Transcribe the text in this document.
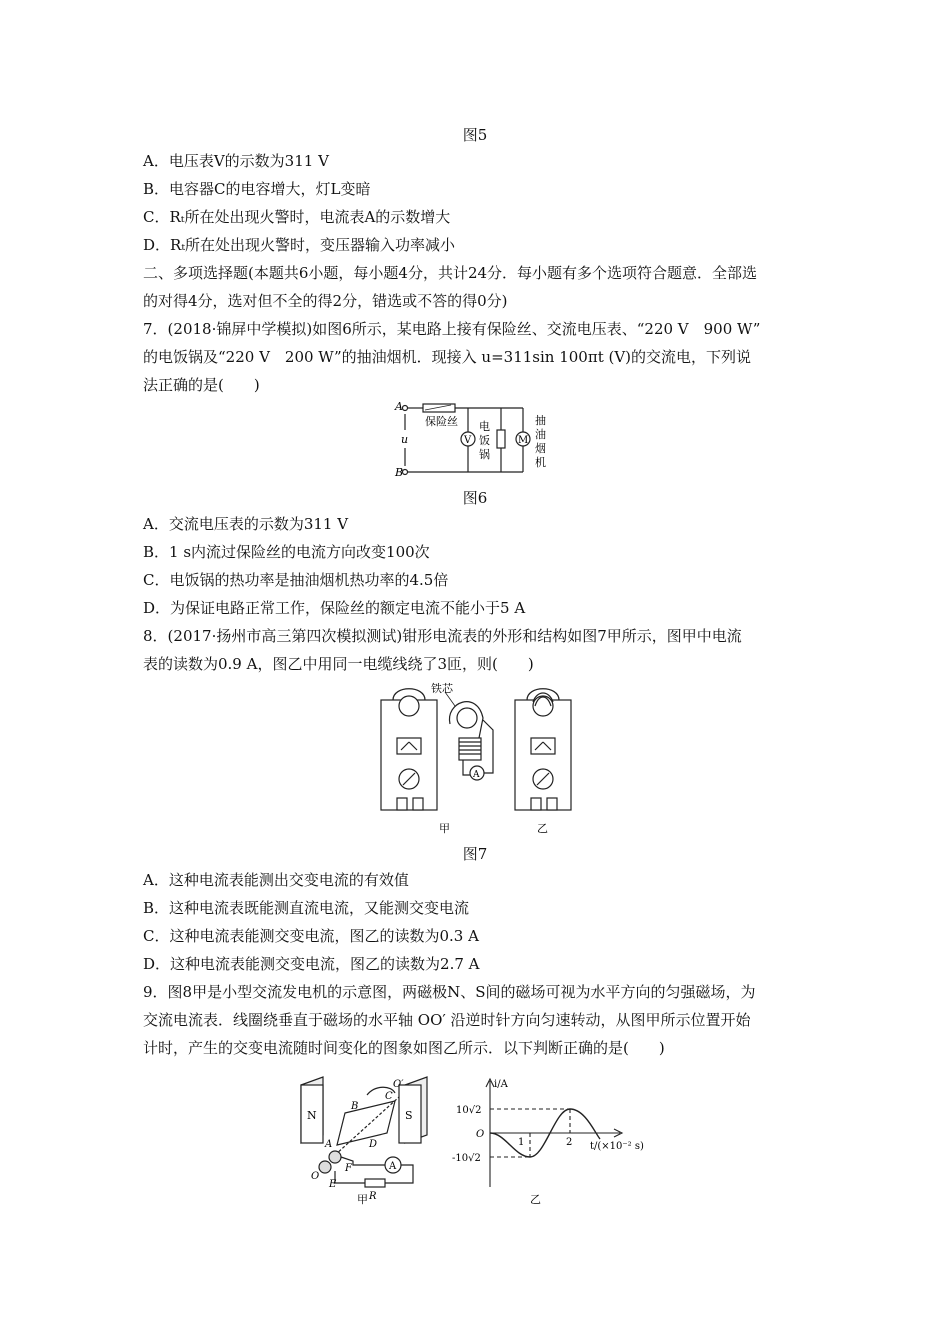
图5
A．电压表V的示数为311 V
B．电容器C的电容增大，灯L变暗
C．Rₜ所在处出现火警时，电流表A的示数增大
D．Rₜ所在处出现火警时，变压器输入功率减小
二、多项选择题(本题共6小题，每小题4分，共计24分．每小题有多个选项符合题意．全部选
的对得4分，选对但不全的得2分，错选或不答的得0分)
7．(2018·锦屏中学模拟)如图6所示，某电路上接有保险丝、交流电压表、“220 V　900 W”
的电饭锅及“220 V　200 W”的抽油烟机．现接入 u=311sin 100πt (V)的交流电，下列说
法正确的是(　　)
A
B
u
保险丝
V	M
电
饭
锅
抽
油
烟
机
图6
A．交流电压表的示数为311 V
B．1 s内流过保险丝的电流方向改变100次
C．电饭锅的热功率是抽油烟机热功率的4.5倍
D．为保证电路正常工作，保险丝的额定电流不能小于5 A
8．(2017·扬州市高三第四次模拟测试)钳形电流表的外形和结构如图7甲所示，图甲中电流
表的读数为0.9 A，图乙中用同一电缆线绕了3匝，则(　　)
铁芯
A
甲	乙
图7
A．这种电流表能测出交变电流的有效值
B．这种电流表既能测直流电流，又能测交变电流
C．这种电流表能测交变电流，图乙的读数为0.3 A
D．这种电流表能测交变电流，图乙的读数为2.7 A
9．图8甲是小型交流发电机的示意图，两磁极N、S间的磁场可视为水平方向的匀强磁场，为
交流电流表．线圈绕垂直于磁场的水平轴 OO′ 沿逆时针方向匀速转动，从图甲所示位置开始
计时，产生的交变电流随时间变化的图象如图乙所示．以下判断正确的是(　　)
N	S
O′
B
C
A	D
F
E
R
O
A
甲
i/A
10√2
-10√2
O
1	2 t/(×10⁻² s)
乙
